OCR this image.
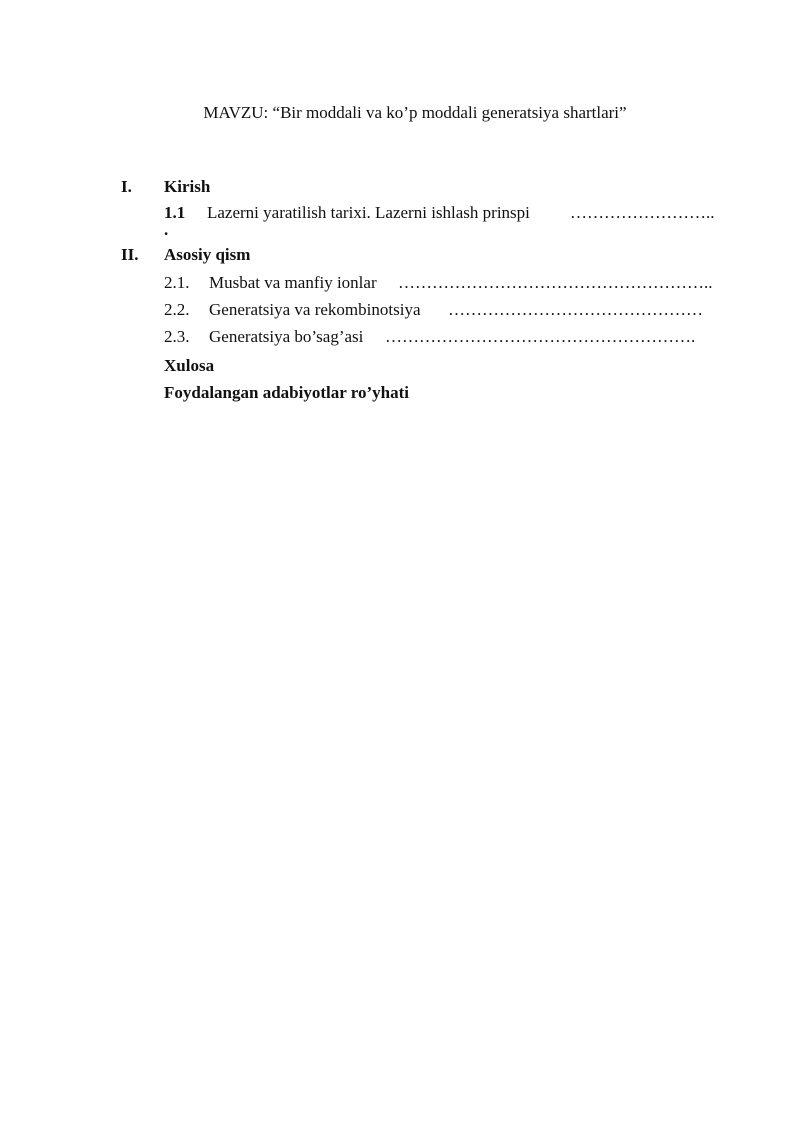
MAVZU: “Bir moddali va ko’p moddali generatsiya shartlari”
I. Kirish
1.1 Lazerni yaratilish tarixi. Lazerni ishlash prinspi ……………………..
.
II. Asosiy qism
2.1. Musbat va manfiy ionlar ………………………………………………..
2.2. Generatsiya va rekombinotsiya ………………………………………
2.3. Generatsiya bo’sag’asi ……………………………………………….
Xulosa
Foydalangan adabiyotlar ro’yhati
